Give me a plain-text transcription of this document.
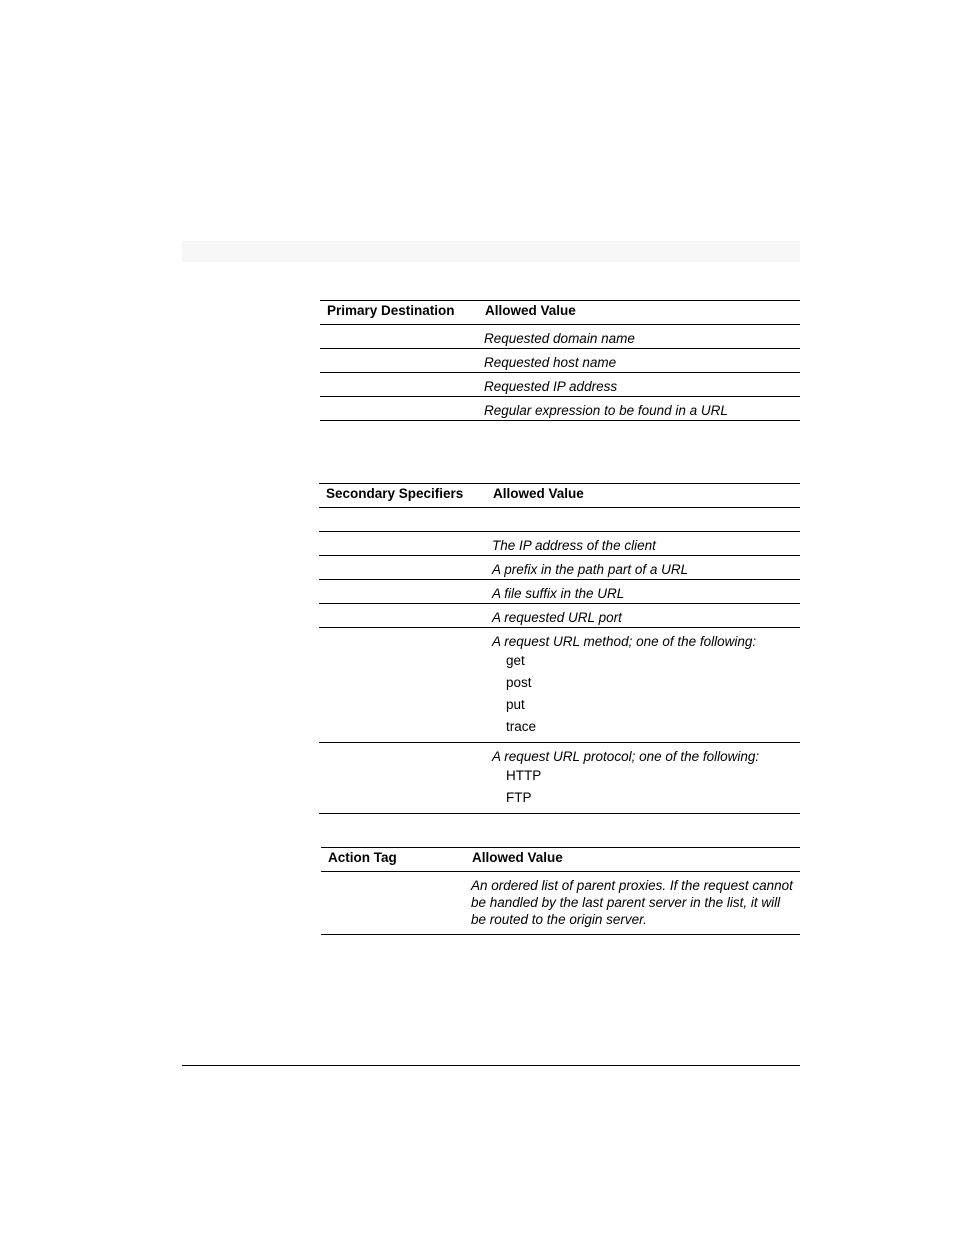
Primary Destination	Allowed Value
	Requested domain name
	Requested host name
	Requested IP address
	Regular expression to be found in a URL
Secondary Specifiers	Allowed Value

	The IP address of the client
	A prefix in the path part of a URL
	A file suffix in the URL
	A requested URL port
	A request URL method; one of the following:
get
post
put
trace

	A request URL protocol; one of the following:
HTTP
FTP
Action Tag	Allowed Value
	An ordered list of parent proxies. If the request cannot be handled by the last parent server in the list, it will be routed to the origin server.
